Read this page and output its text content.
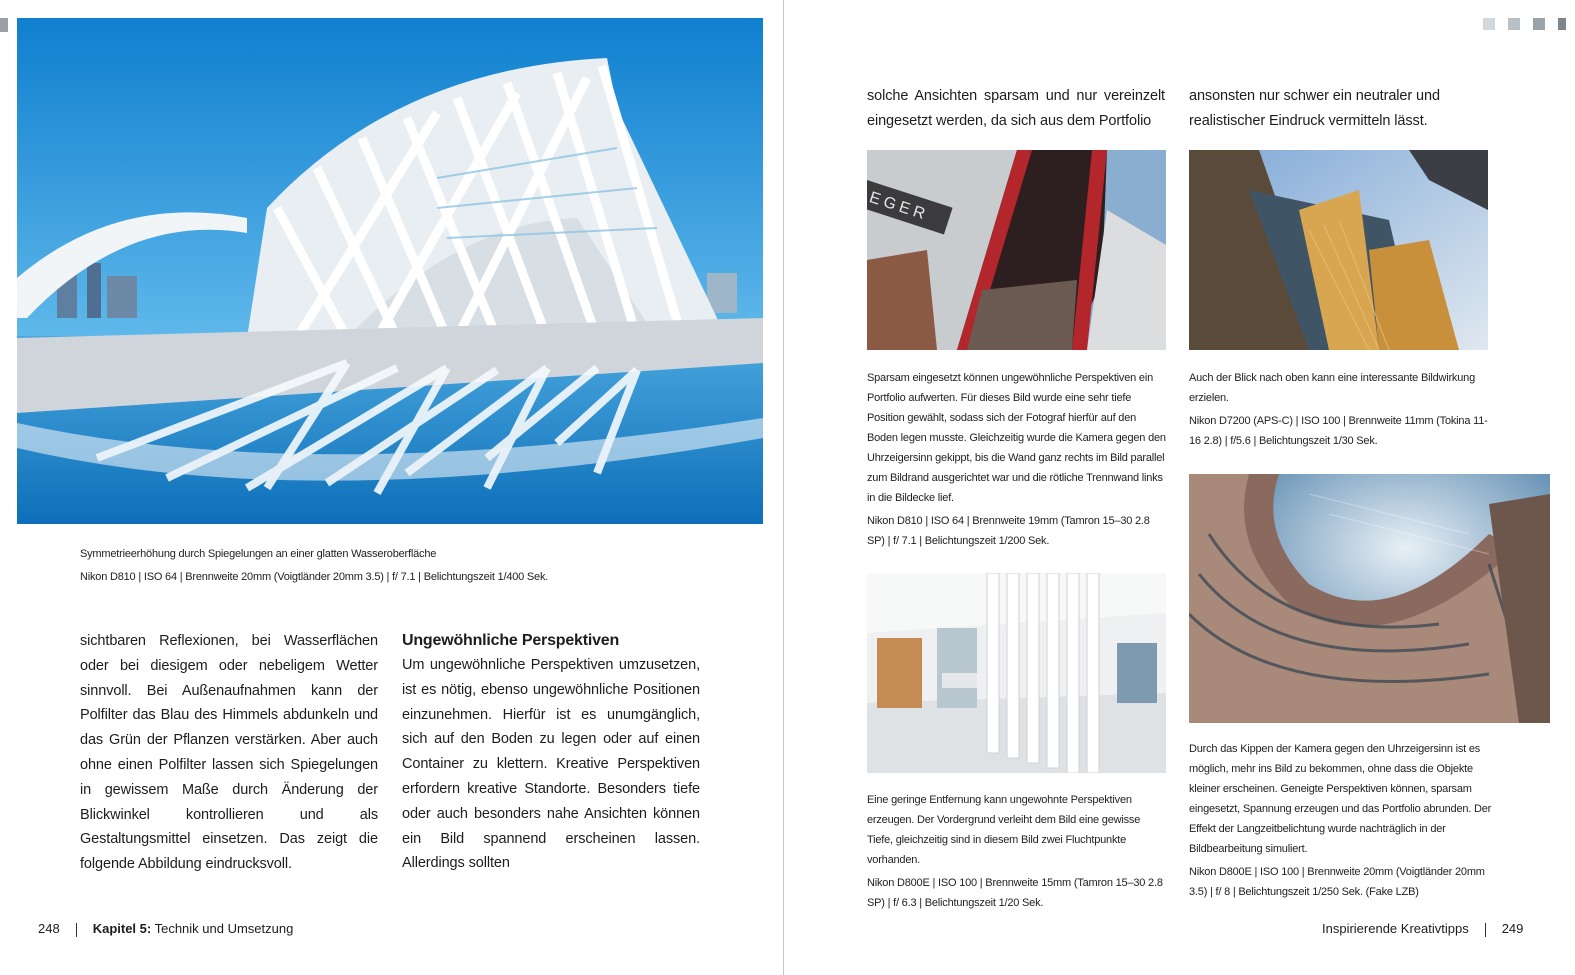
Symmetrieerhöhung durch Spiegelungen an einer glatten Wasseroberfläche

Nikon D810 | ISO 64 | Brennweite 20mm (Voigtländer 20mm 3.5) | f/ 7.1 | Belichtungszeit 1/400 Sek.

sichtbaren Reflexionen, bei Wasserflächen oder bei diesigem oder nebeligem Wetter sinnvoll. Bei Außenaufnahmen kann der Polfilter das Blau des Himmels abdunkeln und das Grün der Pflanzen verstärken. Aber auch ohne einen Polfilter lassen sich Spiegelungen in gewissem Maße durch Änderung der Blickwinkel kontrollieren und als Gestaltungsmittel einsetzen. Das zeigt die folgende Abbildung eindrucksvoll.

Ungewöhnliche Perspektiven

Um ungewöhnliche Perspektiven umzusetzen, ist es nötig, ebenso ungewöhnliche Positionen einzunehmen. Hierfür ist es unumgänglich, sich auf den Boden zu legen oder auf einen Container zu klettern. Kreative Perspektiven erfordern kreative Standorte. Besonders tiefe oder auch besonders nahe Ansichten können ein Bild spannend erscheinen lassen. Allerdings sollten

248	Kapitel 5: Technik und Umsetzung

solche Ansichten sparsam und nur vereinzelt eingesetzt werden, da sich aus dem Portfolio

ansonsten nur schwer ein neutraler und realistischer Eindruck vermitteln lässt.

EGER

Sparsam eingesetzt können ungewöhnliche Perspektiven ein Portfolio aufwerten. Für dieses Bild wurde eine sehr tiefe Position gewählt, sodass sich der Fotograf hierfür auf den Boden legen musste. Gleichzeitig wurde die Kamera gegen den Uhrzeigersinn gekippt, bis die Wand ganz rechts im Bild parallel zum Bildrand ausgerichtet war und die rötliche Trennwand links in die Bildecke lief.

Nikon D810 | ISO 64 | Brennweite 19mm (Tamron 15–30 2.8 SP) | f/ 7.1 | Belichtungszeit 1/200 Sek.

Auch der Blick nach oben kann eine interessante Bildwirkung erzielen.

Nikon D7200 (APS-C) | ISO 100 | Brennweite 11mm (Tokina 11-16 2.8) | f/5.6 | Belichtungszeit 1/30 Sek.

Eine geringe Entfernung kann ungewohnte Perspektiven erzeugen. Der Vordergrund verleiht dem Bild eine gewisse Tiefe, gleichzeitig sind in diesem Bild zwei Fluchtpunkte vorhanden.

Nikon D800E | ISO 100 | Brennweite 15mm (Tamron 15–30 2.8 SP) | f/ 6.3 | Belichtungszeit 1/20 Sek.

Durch das Kippen der Kamera gegen den Uhrzeigersinn ist es möglich, mehr ins Bild zu bekommen, ohne dass die Objekte kleiner erscheinen. Geneigte Perspektiven können, sparsam eingesetzt, Spannung erzeugen und das Portfolio abrunden. Der Effekt der Langzeitbelichtung wurde nachträglich in der Bildbearbeitung simuliert.

Nikon D800E | ISO 100 | Brennweite 20mm (Voigtländer 20mm 3.5) | f/ 8 | Belichtungszeit 1/250 Sek. (Fake LZB)

Inspirierende Kreativtipps	249
